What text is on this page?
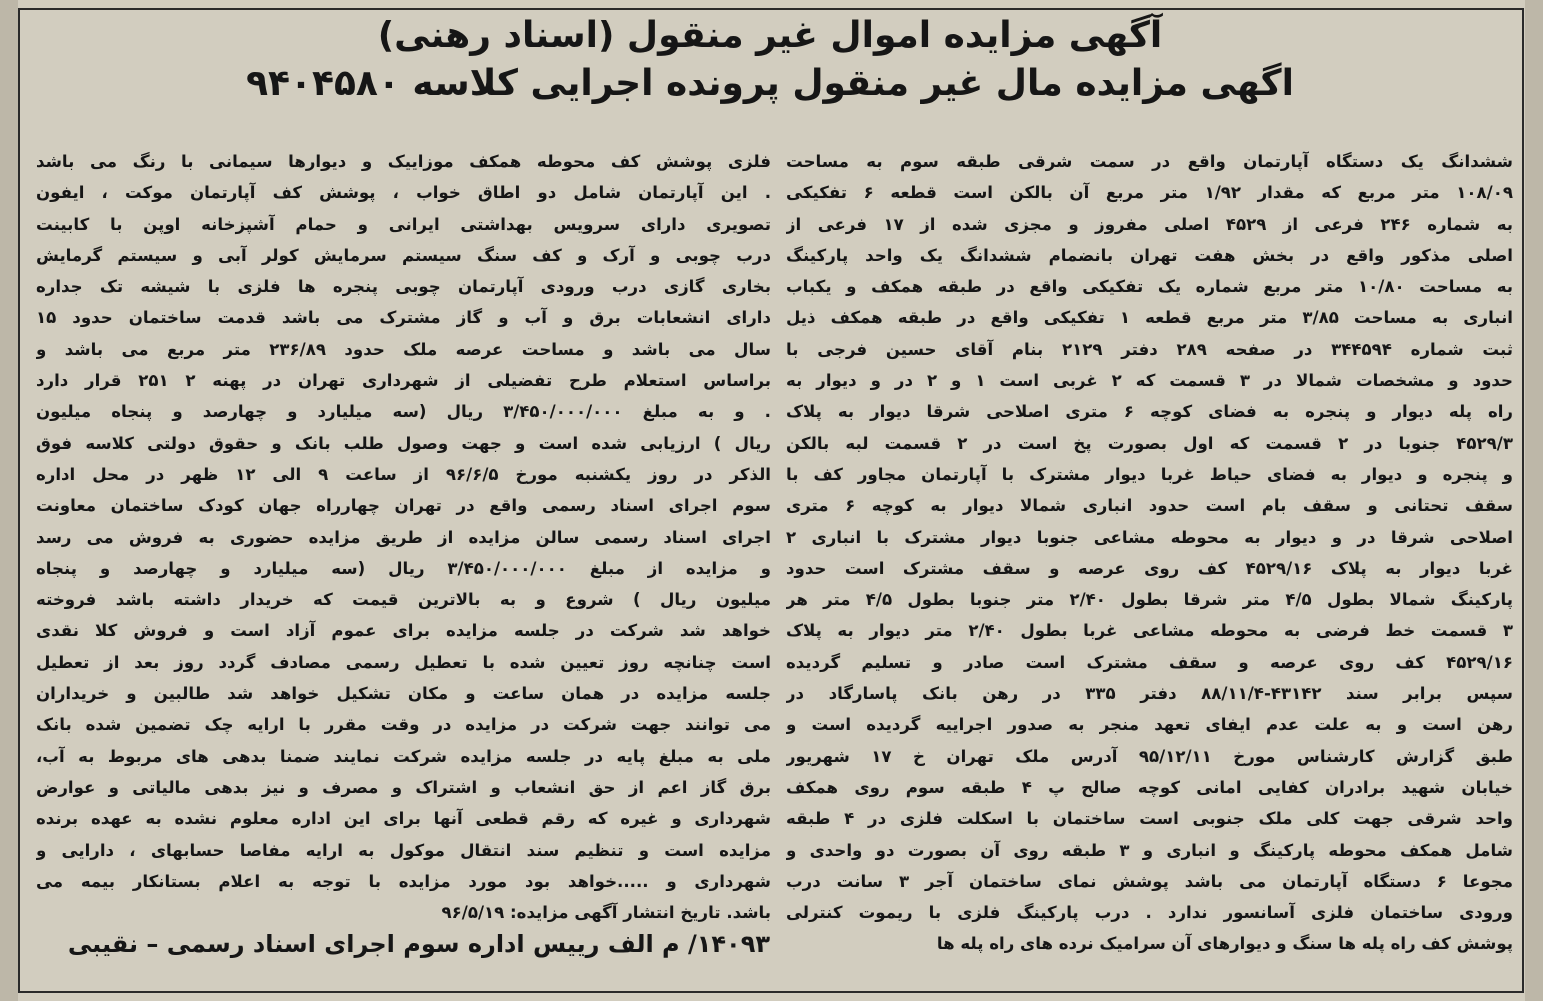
آگهی مزایده اموال غیر منقول (اسناد رهنی)

اگهی مزایده مال غیر منقول پرونده اجرایی کلاسه ۹۴۰۴۵۸۰

ششدانگ یک دستگاه آپارتمان واقع در سمت شرقی طبقه سوم به مساحت
۱۰۸/۰۹ متر مربع که مقدار ۱/۹۲ متر مربع آن بالکن است قطعه ۶ تفکیکی
به شماره ۲۴۶ فرعی از ۴۵۲۹ اصلی مفروز و مجزی شده از ۱۷ فرعی از
اصلی مذکور واقع در بخش هفت تهران بانضمام ششدانگ یک واحد پارکینگ
به مساحت ۱۰/۸۰ متر مربع شماره یک تفکیکی واقع در طبقه همکف و یکباب
انباری به مساحت ۳/۸۵ متر مربع قطعه ۱ تفکیکی واقع در طبقه همکف ذیل
ثبت شماره ۳۴۴۵۹۴ در صفحه ۲۸۹ دفتر ۲۱۲۹ بنام آقای حسین فرجی با
حدود و مشخصات شمالا در ۳ قسمت که ۲ غربی است ۱ و ۲ در و دیوار به
راه پله دیوار و پنجره به فضای کوچه ۶ متری اصلاحی شرقا دیوار به پلاک
۴۵۲۹/۳ جنوبا در ۲ قسمت که اول بصورت پخ است در ۲ قسمت لبه بالکن
و پنجره و دیوار به فضای حیاط غربا دیوار مشترک با آپارتمان مجاور کف با
سقف تحتانی و سقف بام است حدود انباری شمالا دیوار به کوچه ۶ متری
اصلاحی شرقا در و دیوار به محوطه مشاعی جنوبا دیوار مشترک با انباری ۲
غربا دیوار به پلاک ۴۵۲۹/۱۶ کف روی عرصه و سقف مشترک است حدود
پارکینگ شمالا بطول ۴/۵ متر شرقا بطول ۲/۴۰ متر جنوبا بطول ۴/۵ متر هر
۳ قسمت خط فرضی به محوطه مشاعی غربا بطول ۲/۴۰ متر دیوار به پلاک
۴۵۲۹/۱۶ کف روی عرصه و سقف مشترک است صادر و تسلیم گردیده
سپس برابر سند ۴۳۱۴۲-۸۸/۱۱/۴ دفتر ۳۳۵ در رهن بانک پاسارگاد در
رهن است و به علت عدم ایفای تعهد منجر به صدور اجراییه گردیده است و
طبق گزارش کارشناس مورخ ۹۵/۱۲/۱۱ آدرس ملک تهران خ ۱۷ شهریور
خیابان شهید برادران کفایی امانی کوچه صالح پ ۴ طبقه سوم روی همکف
واحد شرقی جهت کلی ملک جنوبی است ساختمان با اسکلت فلزی در ۴ طبقه
شامل همکف محوطه پارکینگ و انباری و ۳ طبقه روی آن بصورت دو واحدی و
مجوعا ۶ دستگاه آپارتمان می باشد پوشش نمای ساختمان آجر ۳ سانت درب
ورودی ساختمان فلزی آسانسور ندارد . درب پارکینگ فلزی با ریموت کنترلی
پوشش کف راه پله ها سنگ و دیوارهای آن سرامیک نرده های راه پله ها
فلزی پوشش کف محوطه همکف موزاییک و دیوارها سیمانی با رنگ می باشد
. این آپارتمان شامل دو اطاق خواب ، پوشش کف آپارتمان موکت ، ایفون
تصویری دارای سرویس بهداشتی ایرانی و حمام آشپزخانه اوپن با کابینت
درب چوبی و آرک و کف سنگ سیستم سرمایش کولر آبی و سیستم گرمایش
بخاری گازی درب ورودی آپارتمان چوبی پنجره ها فلزی با شیشه تک جداره
دارای انشعابات برق و آب و گاز مشترک می باشد قدمت ساختمان حدود ۱۵
سال می باشد و مساحت عرصه ملک حدود ۲۳۶/۸۹ متر مربع می باشد و
براساس استعلام طرح تفضیلی از شهرداری تهران در پهنه ۲ ۲۵۱ قرار دارد
. و به مبلغ ۳/۴۵۰/۰۰۰/۰۰۰ ریال (سه میلیارد و چهارصد و پنجاه میلیون
ریال ) ارزیابی شده است و جهت وصول طلب بانک و حقوق دولتی کلاسه فوق
الذکر در روز یکشنبه مورخ ۹۶/۶/۵ از ساعت ۹ الی ۱۲ ظهر در محل اداره
سوم اجرای اسناد رسمی واقع در تهران چهارراه جهان کودک ساختمان معاونت
اجرای اسناد رسمی سالن مزایده از طریق مزایده حضوری به فروش می رسد
و مزایده از مبلغ ۳/۴۵۰/۰۰۰/۰۰۰ ریال (سه میلیارد و چهارصد و پنجاه
میلیون ریال ) شروع و به بالاترین قیمت که خریدار داشته باشد فروخته
خواهد شد شرکت در جلسه مزایده برای عموم آزاد است و فروش کلا نقدی
است چنانچه روز تعیین شده با تعطیل رسمی مصادف گردد روز بعد از تعطیل
جلسه مزایده در همان ساعت و مکان تشکیل خواهد شد طالبین و خریداران
می توانند جهت شرکت در مزایده در وقت مقرر با ارایه چک تضمین شده بانک
ملی به مبلغ پایه در جلسه مزایده شرکت نمایند ضمنا بدهی های مربوط به آب،
برق گاز اعم از حق انشعاب و اشتراک و مصرف و نیز بدهی مالیاتی و عوارض
شهرداری و غیره که رقم قطعی آنها برای این اداره معلوم نشده به عهده برنده
مزایده است و تنظیم سند انتقال موکول به ارایه مفاصا حسابهای ، دارایی و
شهرداری و .....خواهد بود مورد مزایده با توجه به اعلام بستانکار بیمه می
باشد. تاریخ انتشار آگهی مزایده: ۹۶/۵/۱۹
۱۴۰۹۳/ م الف رییس اداره سوم اجرای اسناد رسمی – نقیبی
